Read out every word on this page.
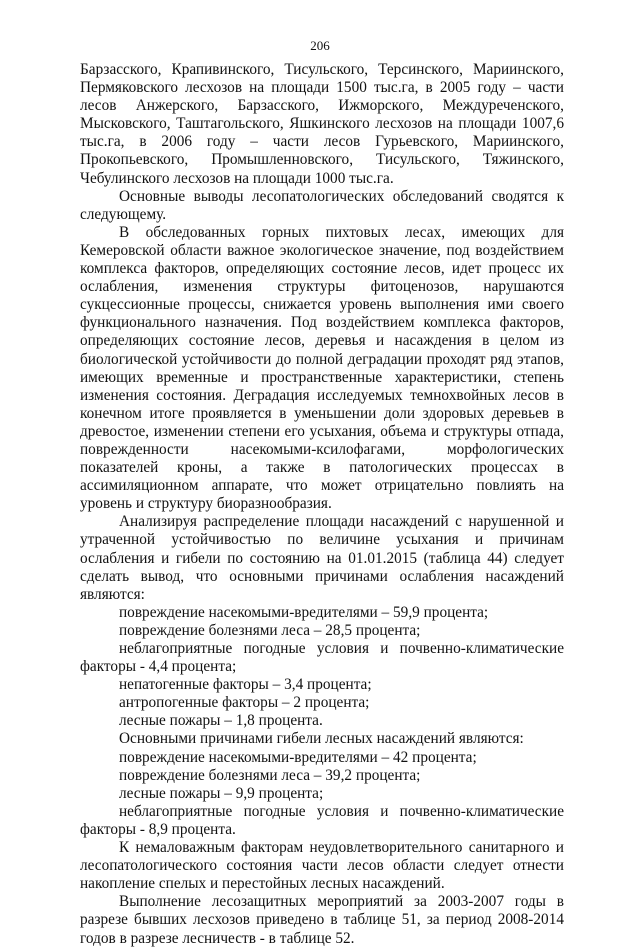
206

Барзасского, Крапивинского, Тисульского, Терсинского, Мариинского, Пермяковского лесхозов на площади 1500 тыс.га, в 2005 году – части лесов Анжерского, Барзасского, Ижморского, Междуреченского, Мысковского, Таштагольского, Яшкинского лесхозов на площади 1007,6 тыс.га, в 2006 году – части лесов Гурьевского, Мариинского, Прокопьевского, Промышленновского, Тисульского, Тяжинского, Чебулинского лесхозов на площади 1000 тыс.га.

Основные выводы лесопатологических обследований сводятся к следующему.

В обследованных горных пихтовых лесах, имеющих для Кемеровской области важное экологическое значение, под воздействием комплекса факторов, определяющих состояние лесов, идет процесс их ослабления, изменения структуры фитоценозов, нарушаются сукцессионные процессы, снижается уровень выполнения ими своего функционального назначения. Под воздействием комплекса факторов, определяющих состояние лесов, деревья и насаждения в целом из биологической устойчивости до полной деградации проходят ряд этапов, имеющих временные и пространственные характеристики, степень изменения состояния. Деградация исследуемых темнохвойных лесов в конечном итоге проявляется в уменьшении доли здоровых деревьев в древостое, изменении степени его усыхания, объема и структуры отпада, поврежденности насекомыми-ксилофагами, морфологических показателей кроны, а также в патологических процессах в ассимиляционном аппарате, что может отрицательно повлиять на уровень и структуру биоразнообразия.

Анализируя распределение площади насаждений с нарушенной и утраченной устойчивостью по величине усыхания и причинам ослабления и гибели по состоянию на 01.01.2015 (таблица 44) следует сделать вывод, что основными причинами ослабления насаждений являются:

повреждение насекомыми-вредителями – 59,9 процента;

повреждение болезнями леса – 28,5 процента;

неблагоприятные погодные условия и почвенно-климатические факторы - 4,4 процента;

непатогенные факторы – 3,4 процента;

антропогенные факторы – 2 процента;

лесные пожары – 1,8 процента.

Основными причинами гибели лесных насаждений являются:

повреждение насекомыми-вредителями – 42 процента;

повреждение болезнями леса – 39,2 процента;

лесные пожары – 9,9 процента;

неблагоприятные погодные условия и почвенно-климатические факторы - 8,9 процента.

К немаловажным факторам неудовлетворительного санитарного и лесопатологического состояния части лесов области следует отнести накопление спелых и перестойных лесных насаждений.

Выполнение лесозащитных мероприятий за 2003-2007 годы в разрезе бывших лесхозов приведено в таблице 51, за период 2008-2014 годов в разрезе лесничеств - в таблице 52.
